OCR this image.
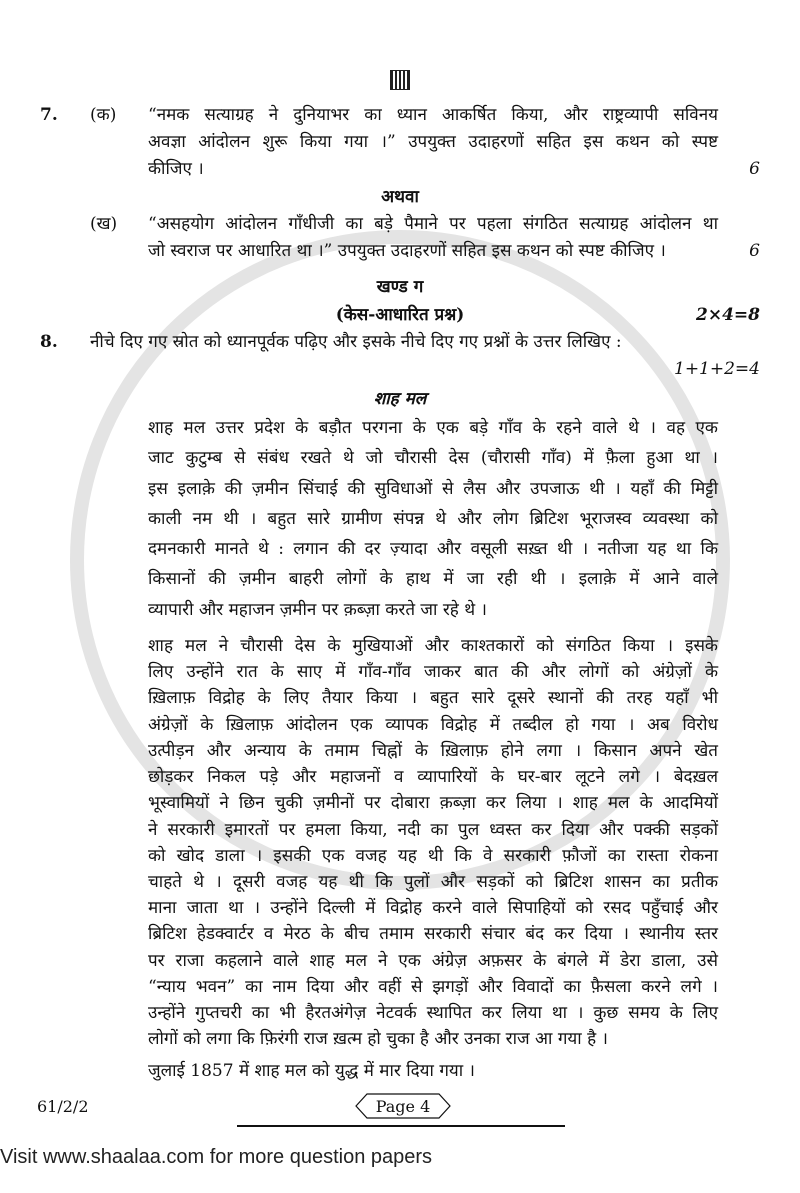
7.	(क)	“नमक सत्याग्रह ने दुनियाभर का ध्यान आकर्षित किया, और राष्ट्रव्यापी सविनय
अवज्ञा आंदोलन शुरू किया गया ।” उपयुक्त उदाहरणों सहित इस कथन को स्पष्ट
कीजिए ।	6
अथवा
(ख)	“असहयोग आंदोलन गाँधीजी का बड़े पैमाने पर पहला संगठित सत्याग्रह आंदोलन था
जो स्वराज पर आधारित था ।” उपयुक्त उदाहरणों सहित इस कथन को स्पष्ट कीजिए ।	6
खण्ड ग
(केस-आधारित प्रश्न)	2×4=8
8.	नीचे दिए गए स्रोत को ध्यानपूर्वक पढ़िए और इसके नीचे दिए गए प्रश्नों के उत्तर लिखिए :
1+1+2=4
शाह मल
शाह मल उत्तर प्रदेश के बड़ौत परगना के एक बड़े गाँव के रहने वाले थे । वह एक
जाट कुटुम्ब से संबंध रखते थे जो चौरासी देस (चौरासी गाँव) में फ़ैला हुआ था ।
इस इलाक़े की ज़मीन सिंचाई की सुविधाओं से लैस और उपजाऊ थी । यहाँ की मिट्टी
काली नम थी । बहुत सारे ग्रामीण संपन्न थे और लोग ब्रिटिश भूराजस्व व्यवस्था को
दमनकारी मानते थे : लगान की दर ज़्यादा और वसूली सख़्त थी । नतीजा यह था कि
किसानों की ज़मीन बाहरी लोगों के हाथ में जा रही थी । इलाक़े में आने वाले
व्यापारी और महाजन ज़मीन पर क़ब्ज़ा करते जा रहे थे ।
शाह मल ने चौरासी देस के मुखियाओं और काश्तकारों को संगठित किया । इसके
लिए उन्होंने रात के साए में गाँव-गाँव जाकर बात की और लोगों को अंग्रेज़ों के
ख़िलाफ़ विद्रोह के लिए तैयार किया । बहुत सारे दूसरे स्थानों की तरह यहाँ भी
अंग्रेज़ों के ख़िलाफ़ आंदोलन एक व्यापक विद्रोह में तब्दील हो गया । अब विरोध
उत्पीड़न और अन्याय के तमाम चिह्नों के ख़िलाफ़ होने लगा । किसान अपने खेत
छोड़कर निकल पड़े और महाजनों व व्यापारियों के घर-बार लूटने लगे । बेदख़ल
भूस्वामियों ने छिन चुकी ज़मीनों पर दोबारा क़ब्ज़ा कर लिया । शाह मल के आदमियों
ने सरकारी इमारतों पर हमला किया, नदी का पुल ध्वस्त कर दिया और पक्की सड़कों
को खोद डाला । इसकी एक वजह यह थी कि वे सरकारी फ़ौजों का रास्ता रोकना
चाहते थे । दूसरी वजह यह थी कि पुलों और सड़कों को ब्रिटिश शासन का प्रतीक
माना जाता था । उन्होंने दिल्ली में विद्रोह करने वाले सिपाहियों को रसद पहुँचाई और
ब्रिटिश हेडक्वार्टर व मेरठ के बीच तमाम सरकारी संचार बंद कर दिया । स्थानीय स्तर
पर राजा कहलाने वाले शाह मल ने एक अंग्रेज़ अफ़सर के बंगले में डेरा डाला, उसे
“न्याय भवन” का नाम दिया और वहीं से झगड़ों और विवादों का फ़ैसला करने लगे ।
उन्होंने गुप्तचरी का भी हैरतअंगेज़ नेटवर्क स्थापित कर लिया था । कुछ समय के लिए
लोगों को लगा कि फ़िरंगी राज ख़त्म हो चुका है और उनका राज आ गया है ।
जुलाई 1857 में शाह मल को युद्ध में मार दिया गया ।
61/2/2	Page 4
Visit www.shaalaa.com for more question papers
